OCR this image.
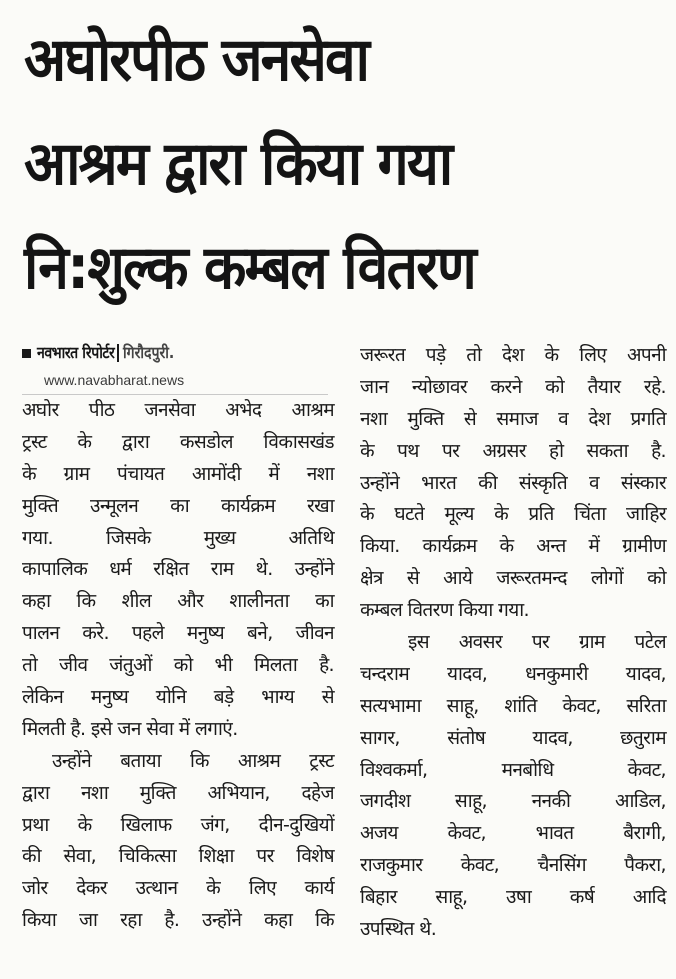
अघोरपीठ जनसेवा
आश्रम द्वारा किया गया
नि:शुल्क कम्बल वितरण
नवभारत रिपोर्टर गिरौदपुरी.
www.navabharat.news
अघोर पीठ जनसेवा अभेद आश्रम
ट्रस्ट के द्वारा कसडोल विकासखंड
के ग्राम पंचायत आमोंदी में नशा
मुक्ति उन्मूलन का कार्यक्रम रखा
गया. जिसके मुख्य अतिथि
कापालिक धर्म रक्षित राम थे. उन्होंने
कहा कि शील और शालीनता का
पालन करे. पहले मनुष्य बने, जीवन
तो जीव जंतुओं को भी मिलता है.
लेकिन मनुष्य योनि बड़े भाग्य से
मिलती है. इसे जन सेवा में लगाएं.
उन्होंने बताया कि आश्रम ट्रस्ट
द्वारा नशा मुक्ति अभियान, दहेज
प्रथा के खिलाफ जंग, दीन-दुखियों
की सेवा, चिकित्सा शिक्षा पर विशेष
जोर देकर उत्थान के लिए कार्य
किया जा रहा है. उन्होंने कहा कि
जरूरत पड़े तो देश के लिए अपनी
जान न्योछावर करने को तैयार रहे.
नशा मुक्ति से समाज व देश प्रगति
के पथ पर अग्रसर हो सकता है.
उन्होंने भारत की संस्कृति व संस्कार
के घटते मूल्य के प्रति चिंता जाहिर
किया. कार्यक्रम के अन्त में ग्रामीण
क्षेत्र से आये जरूरतमन्द लोगों को
कम्बल वितरण किया गया.
इस अवसर पर ग्राम पटेल
चन्दराम यादव, धनकुमारी यादव,
सत्यभामा साहू, शांति केवट, सरिता
सागर, संतोष यादव, छतुराम
विश्वकर्मा, मनबोधि केवट,
जगदीश साहू, ननकी आडिल,
अजय केवट, भावत बैरागी,
राजकुमार केवट, चैनसिंग पैकरा,
बिहार साहू, उषा कर्ष आदि
उपस्थित थे.
